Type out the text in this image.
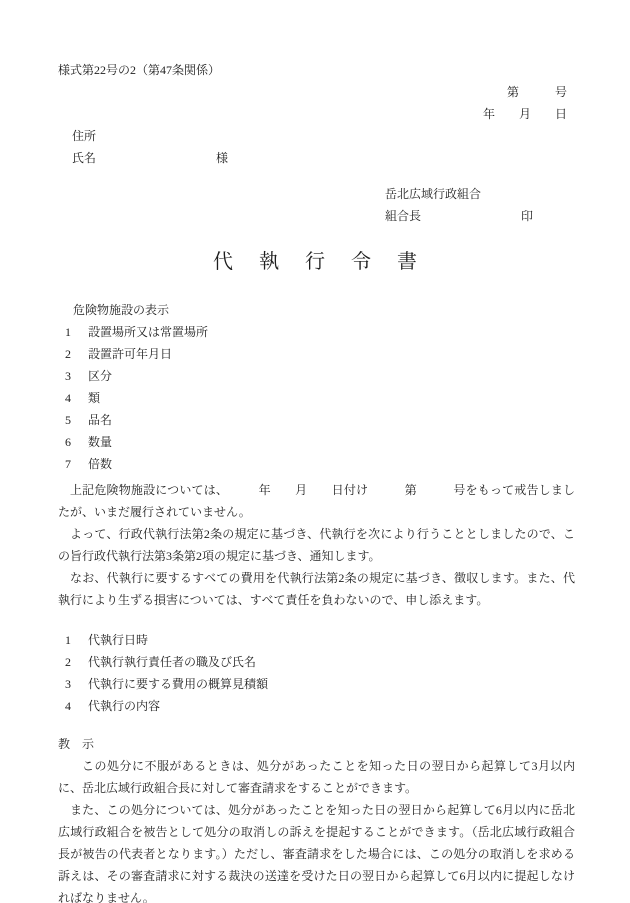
様式第22号の2（第47条関係）
第　　　号
年　　月　　日
住所
氏名	様
岳北広域行政組合
組合長	印
代　執　行　令　書
危険物施設の表示
1	設置場所又は常置場所
2	設置許可年月日
3	区分
4	類
5	品名
6	数量
7	倍数

上記危険物施設については、　　　年　　月　　日付け　　　第　　　号をもって戒告しましたが、いまだ履行されていません。

よって、行政代執行法第2条の規定に基づき、代執行を次により行うこととしましたので、この旨行政代執行法第3条第2項の規定に基づき、通知します。

なお、代執行に要するすべての費用を代執行法第2条の規定に基づき、徴収します。また、代執行により生ずる損害については、すべて責任を負わないので、申し添えます。

1	代執行日時
2	代執行執行責任者の職及び氏名
3	代執行に要する費用の概算見積額
4	代執行の内容
教　示

この処分に不服があるときは、処分があったことを知った日の翌日から起算して3月以内に、岳北広域行政組合長に対して審査請求をすることができます。

また、この処分については、処分があったことを知った日の翌日から起算して6月以内に岳北広域行政組合を被告として処分の取消しの訴えを提起することができます。（岳北広域行政組合長が被告の代表者となります。）ただし、審査請求をした場合には、この処分の取消しを求める訴えは、その審査請求に対する裁決の送達を受けた日の翌日から起算して6月以内に提起しなければなりません。
